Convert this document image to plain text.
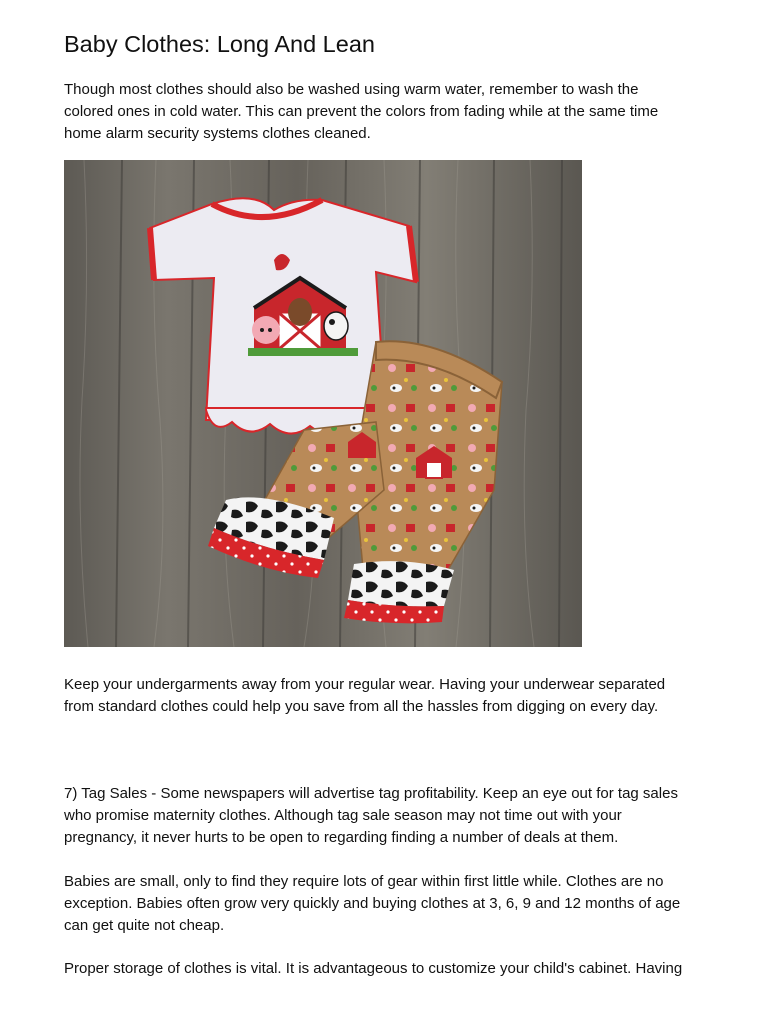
Baby Clothes: Long And Lean

Though most clothes should also be washed using warm water, remember to wash the
colored ones in cold water. This can prevent the colors from fading while at the same time
home alarm security systems clothes cleaned.

Keep your undergarments away from your regular wear. Having your underwear separated
from standard clothes could help you save from all the hassles from digging on every day.

7) Tag Sales - Some newspapers will advertise tag profitability. Keep an eye out for tag sales
who promise maternity clothes. Although tag sale season may not time out with your
pregnancy, it never hurts to be open to regarding finding a number of deals at them.

Babies are small, only to find they require lots of gear within first little while. Clothes are no
exception. Babies often grow very quickly and buying clothes at 3, 6, 9 and 12 months of age
can get quite not cheap.

Proper storage of clothes is vital. It is advantageous to customize your child's cabinet. Having
